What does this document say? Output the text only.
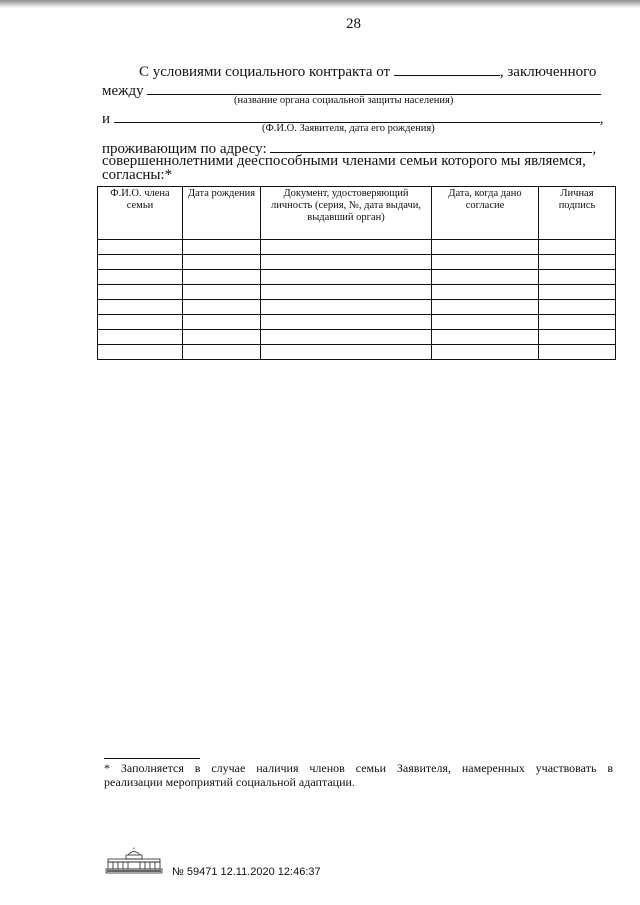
28
С условиями социального контракта от	, заключенного
между
(название органа социальной защиты населения)
и	,
(Ф.И.О. Заявителя, дата его рождения)
проживающим по адресу:	,
совершеннолетними дееспособными членами семьи которого мы являемся,
согласны:*
Ф.И.О. члена семьи	Дата рождения	Документ, удостоверяющий личность (серия, №, дата выдачи, выдавший орган)	Дата, когда дано согласие	Личная подпись

* Заполняется в случае наличия членов семьи Заявителя, намеренных участвовать в
реализации мероприятий социальной адаптации.
№ 59471 12.11.2020 12:46:37
